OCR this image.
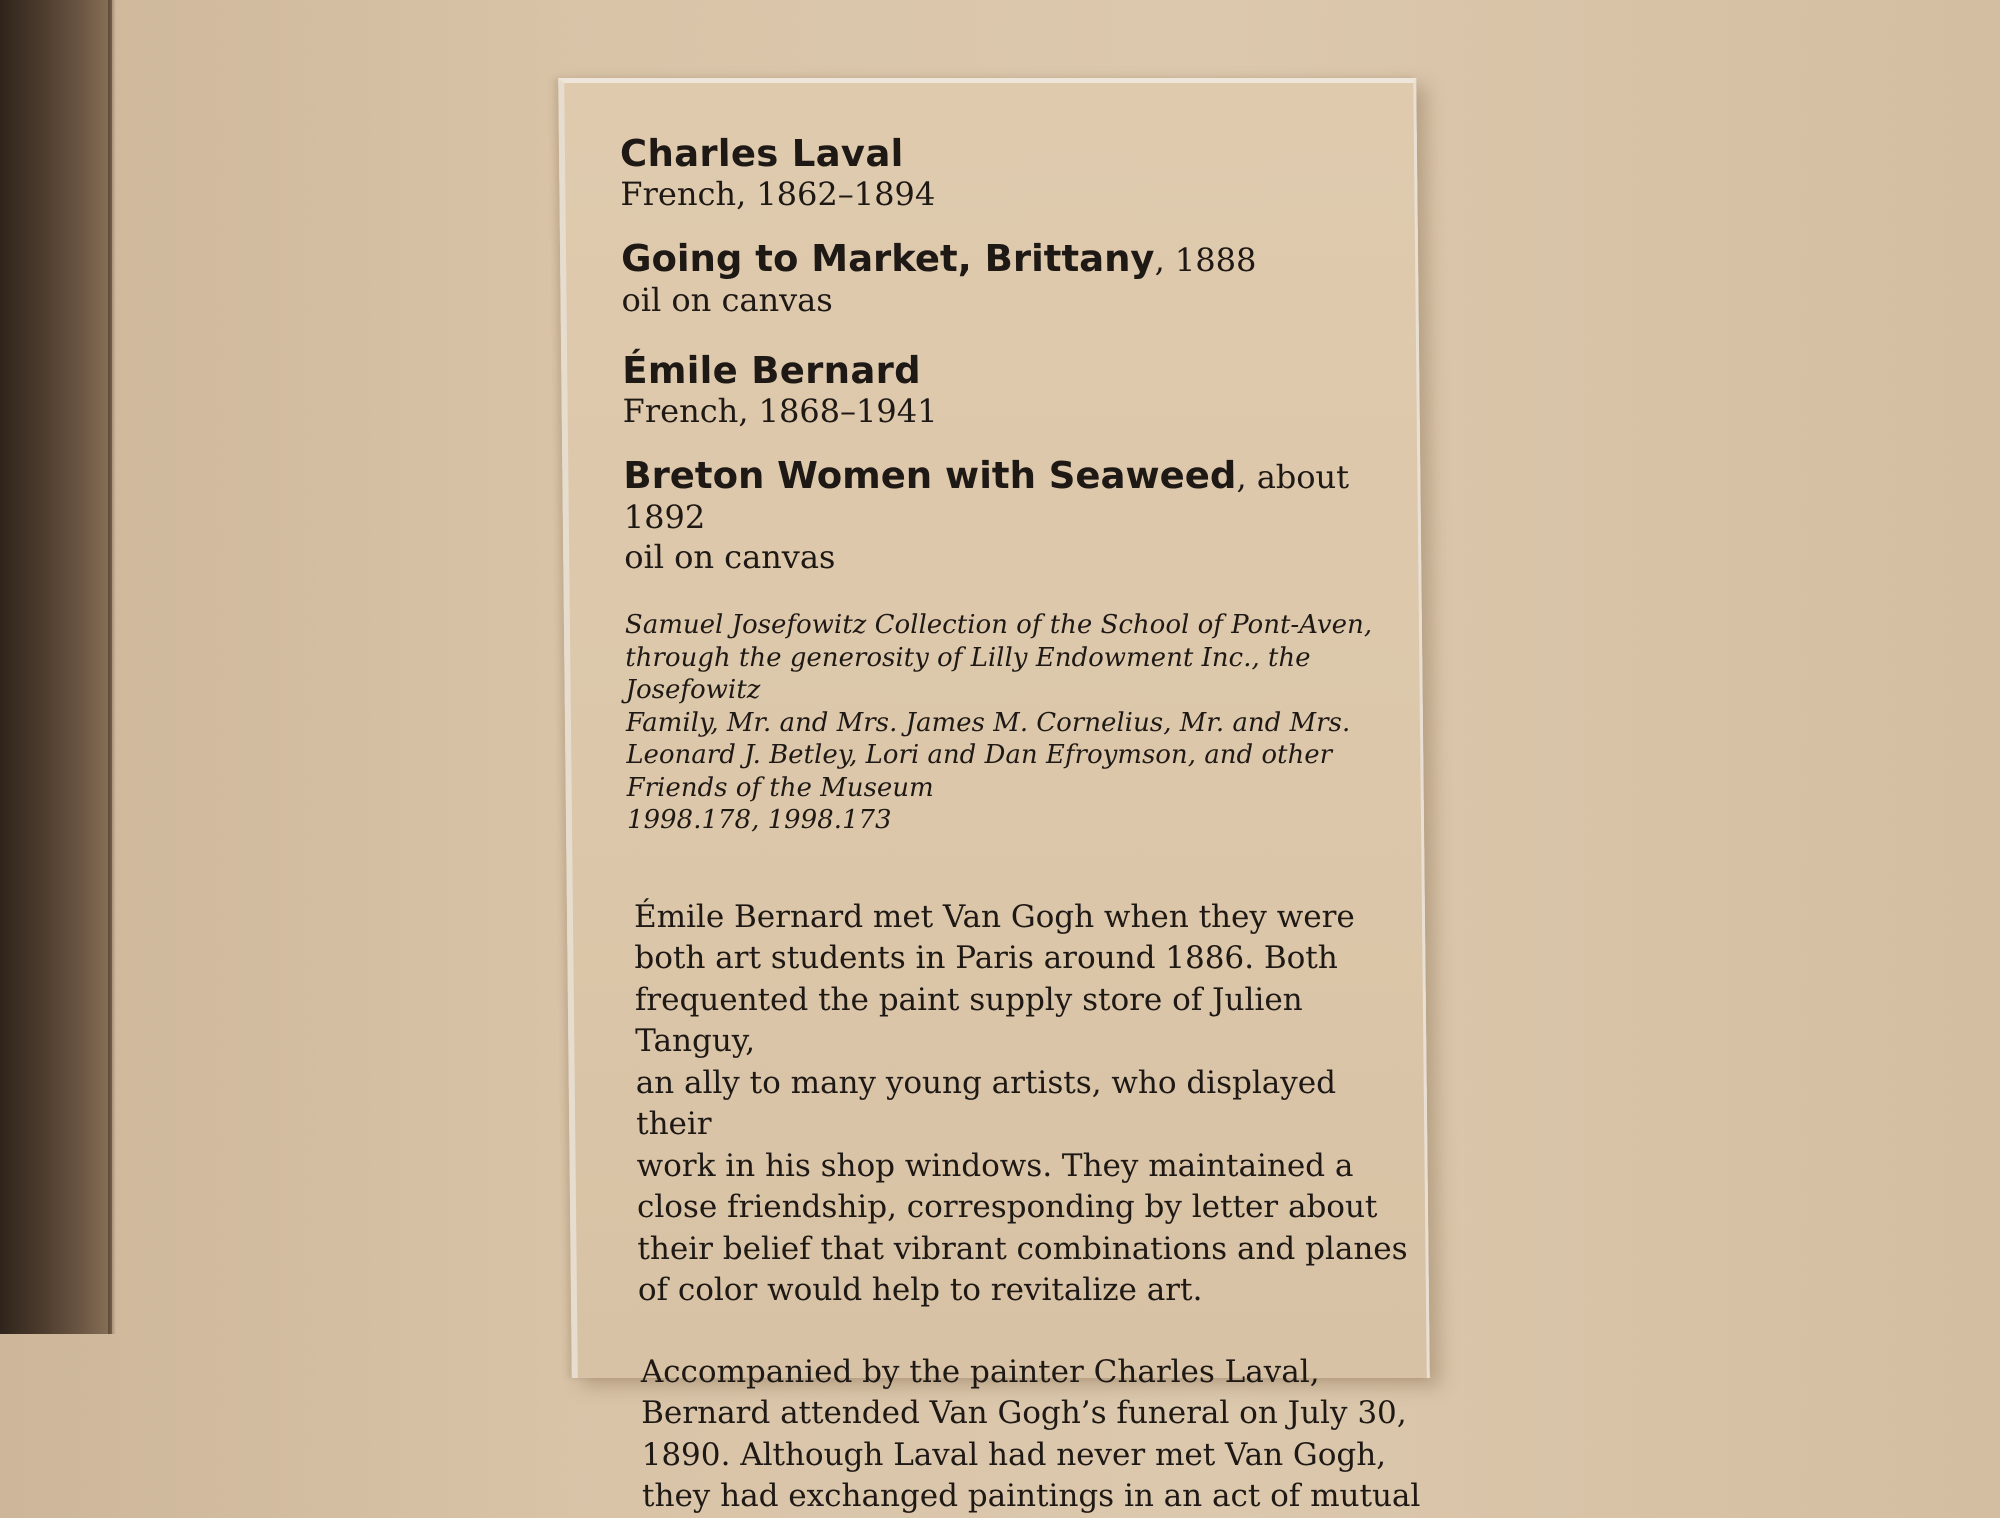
Charles Laval

French, 1862–1894

Going to Market, Brittany, 1888

oil on canvas

Émile Bernard

French, 1868–1941

Breton Women with Seaweed, about 1892

oil on canvas

Samuel Josefowitz Collection of the School of Pont-Aven,
through the generosity of Lilly Endowment Inc., the Josefowitz
Family, Mr. and Mrs. James M. Cornelius, Mr. and Mrs.
Leonard J. Betley, Lori and Dan Efroymson, and other
Friends of the Museum
1998.178, 1998.173

Émile Bernard met Van Gogh when they were
both art students in Paris around 1886. Both
frequented the paint supply store of Julien Tanguy,
an ally to many young artists, who displayed their
work in his shop windows. They maintained a
close friendship, corresponding by letter about
their belief that vibrant combinations and planes
of color would help to revitalize art.

Accompanied by the painter Charles Laval,
Bernard attended Van Gogh’s funeral on July 30,
1890. Although Laval had never met Van Gogh,
they had exchanged paintings in an act of mutual
